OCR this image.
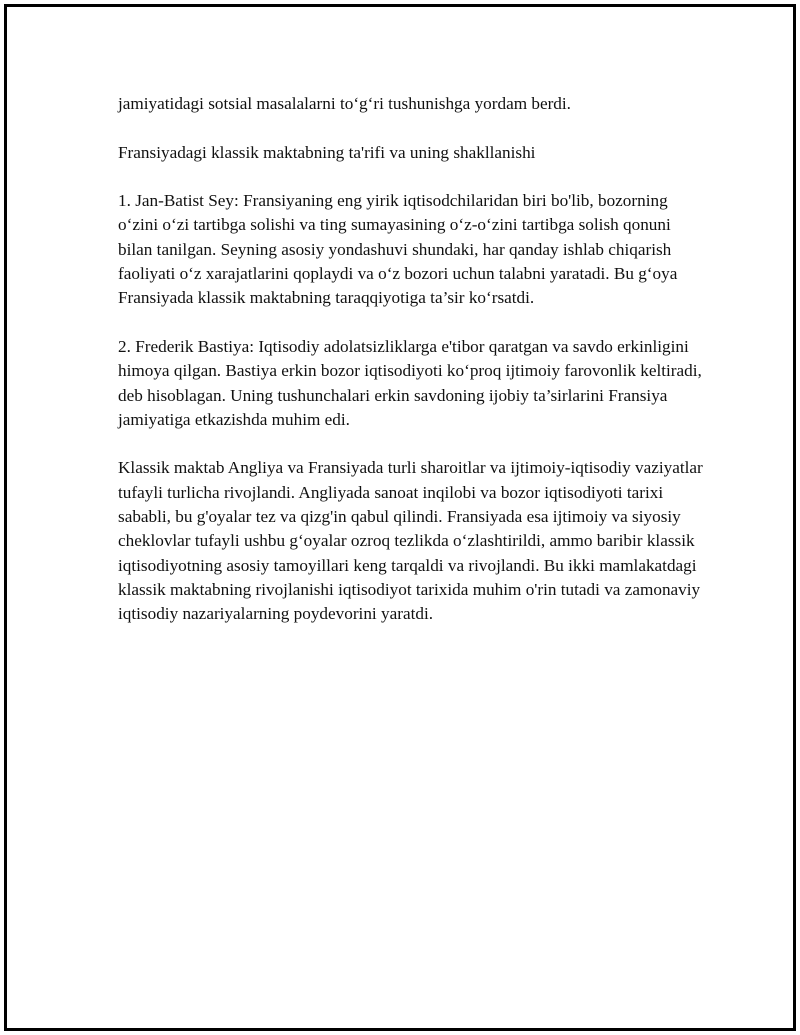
jamiyatidagi sotsial masalalarni to‘g‘ri tushunishga yordam berdi.

Fransiyadagi klassik maktabning ta'rifi va uning shakllanishi

1. Jan-Batist Sey: Fransiyaning eng yirik iqtisodchilaridan biri bo'lib, bozorning o‘zini o‘zi tartibga solishi va ting sumayasining o‘z-o‘zini tartibga solish qonuni bilan tanilgan. Seyning asosiy yondashuvi shundaki, har qanday ishlab chiqarish faoliyati o‘z xarajatlarini qoplaydi va o‘z bozori uchun talabni yaratadi. Bu g‘oya Fransiyada klassik maktabning taraqqiyotiga ta’sir ko‘rsatdi.

2. Frederik Bastiya: Iqtisodiy adolatsizliklarga e'tibor qaratgan va savdo erkinligini himoya qilgan. Bastiya erkin bozor iqtisodiyoti ko‘proq ijtimoiy farovonlik keltiradi, deb hisoblagan. Uning tushunchalari erkin savdoning ijobiy ta’sirlarini Fransiya jamiyatiga etkazishda muhim edi.

Klassik maktab Angliya va Fransiyada turli sharoitlar va ijtimoiy-iqtisodiy vaziyatlar tufayli turlicha rivojlandi. Angliyada sanoat inqilobi va bozor iqtisodiyoti tarixi sababli, bu g'oyalar tez va qizg'in qabul qilindi. Fransiyada esa ijtimoiy va siyosiy cheklovlar tufayli ushbu g‘oyalar ozroq tezlikda o‘zlashtirildi, ammo baribir klassik iqtisodiyotning asosiy tamoyillari keng tarqaldi va rivojlandi. Bu ikki mamlakatdagi klassik maktabning rivojlanishi iqtisodiyot tarixida muhim o'rin tutadi va zamonaviy iqtisodiy nazariyalarning poydevorini yaratdi.
